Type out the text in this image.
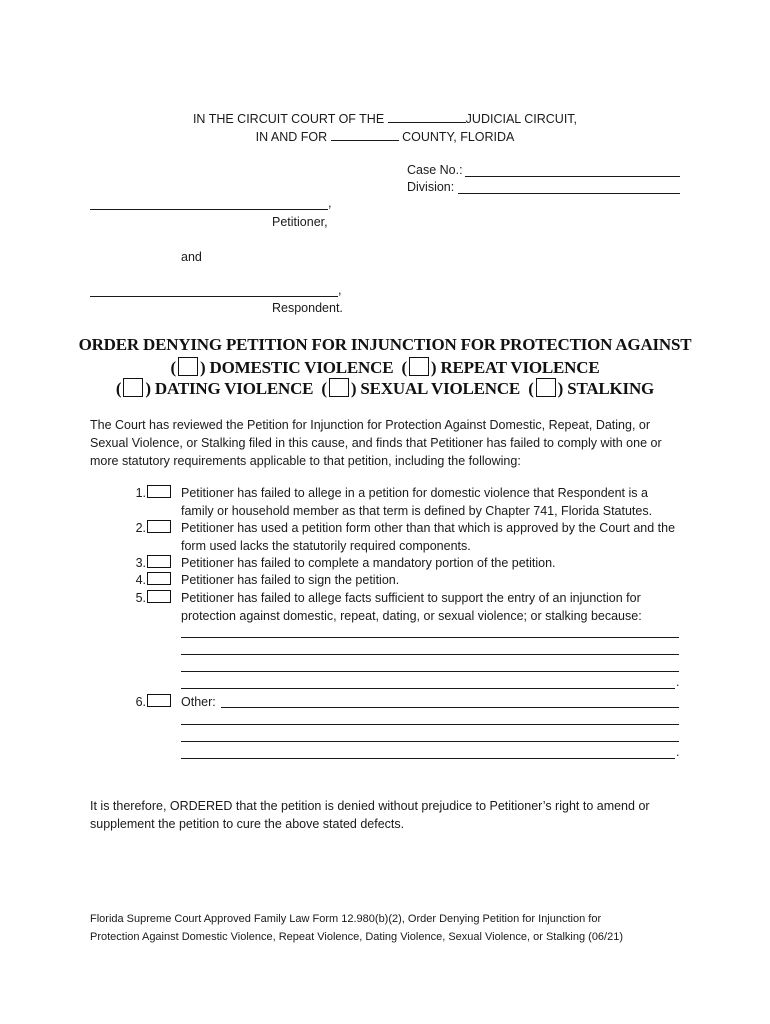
IN THE CIRCUIT COURT OF THE	JUDICIAL CIRCUIT,
IN AND FOR	COUNTY, FLORIDA
Case No.:
Division:
,
Petitioner,
and
,
Respondent.
ORDER DENYING PETITION FOR INJUNCTION FOR PROTECTION AGAINST
( ) DOMESTIC VIOLENCE ( ) REPEAT VIOLENCE
( ) DATING VIOLENCE ( ) SEXUAL VIOLENCE ( ) STALKING
The Court has reviewed the Petition for Injunction for Protection Against Domestic, Repeat, Dating, or Sexual Violence, or Stalking filed in this cause, and finds that Petitioner has failed to comply with one or more statutory requirements applicable to that petition, including the following:
1.	Petitioner has failed to allege in a petition for domestic violence that Respondent is a family or household member as that term is defined by Chapter 741, Florida Statutes.
2.	Petitioner has used a petition form other than that which is approved by the Court and the form used lacks the statutorily required components.
3.	Petitioner has failed to complete a mandatory portion of the petition.
4.	Petitioner has failed to sign the petition.
5.	Petitioner has failed to allege facts sufficient to support the entry of an injunction for protection against domestic, repeat, dating, or sexual violence; or stalking because:
.
6.	Other:
.
It is therefore, ORDERED that the petition is denied without prejudice to Petitioner’s right to amend or supplement the petition to cure the above stated defects.
Florida Supreme Court Approved Family Law Form 12.980(b)(2), Order Denying Petition for Injunction for
Protection Against Domestic Violence, Repeat Violence, Dating Violence, Sexual Violence, or Stalking (06/21)
